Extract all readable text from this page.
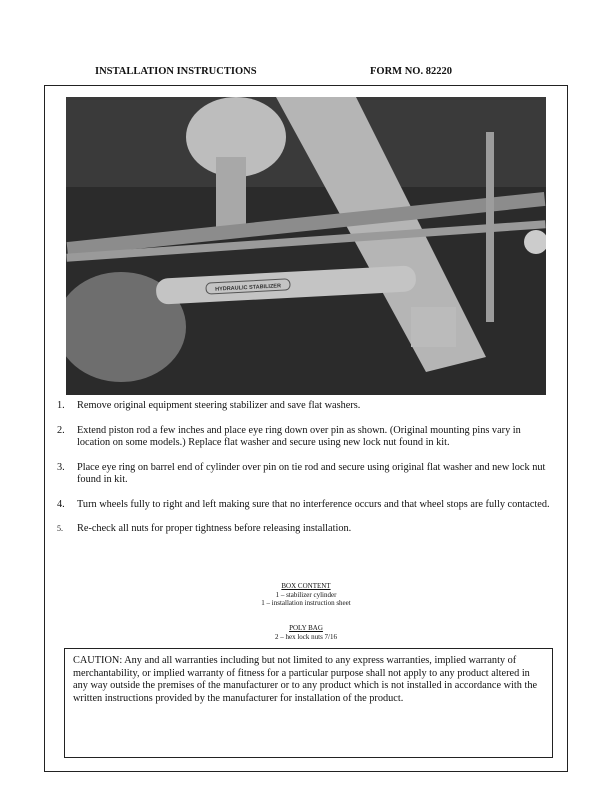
INSTALLATION INSTRUCTIONS	FORM NO. 82220
HYDRAULIC STABILIZER
1. Remove original equipment steering stabilizer and save flat washers.
2. Extend piston rod a few inches and place eye ring down over pin as shown. (Original mounting pins vary in location on some models.) Replace flat washer and secure using new lock nut found in kit.
3. Place eye ring on barrel end of cylinder over pin on tie rod and secure using original flat washer and new lock nut found in kit.
4. Turn wheels fully to right and left making sure that no interference occurs and that wheel stops are fully contacted.
5. Re-check all nuts for proper tightness before releasing installation.
BOX CONTENT
1 – stabilizer cylinder
1 – installation instruction sheet
POLY BAG
2 – hex lock nuts 7/16
CAUTION: Any and all warranties including but not limited to any express warranties, implied warranty of merchantability, or implied warranty of fitness for a particular purpose shall not apply to any product altered in any way outside the premises of the manufacturer or to any product which is not installed in accordance with the written instructions provided by the manufacturer for installation of the product.
